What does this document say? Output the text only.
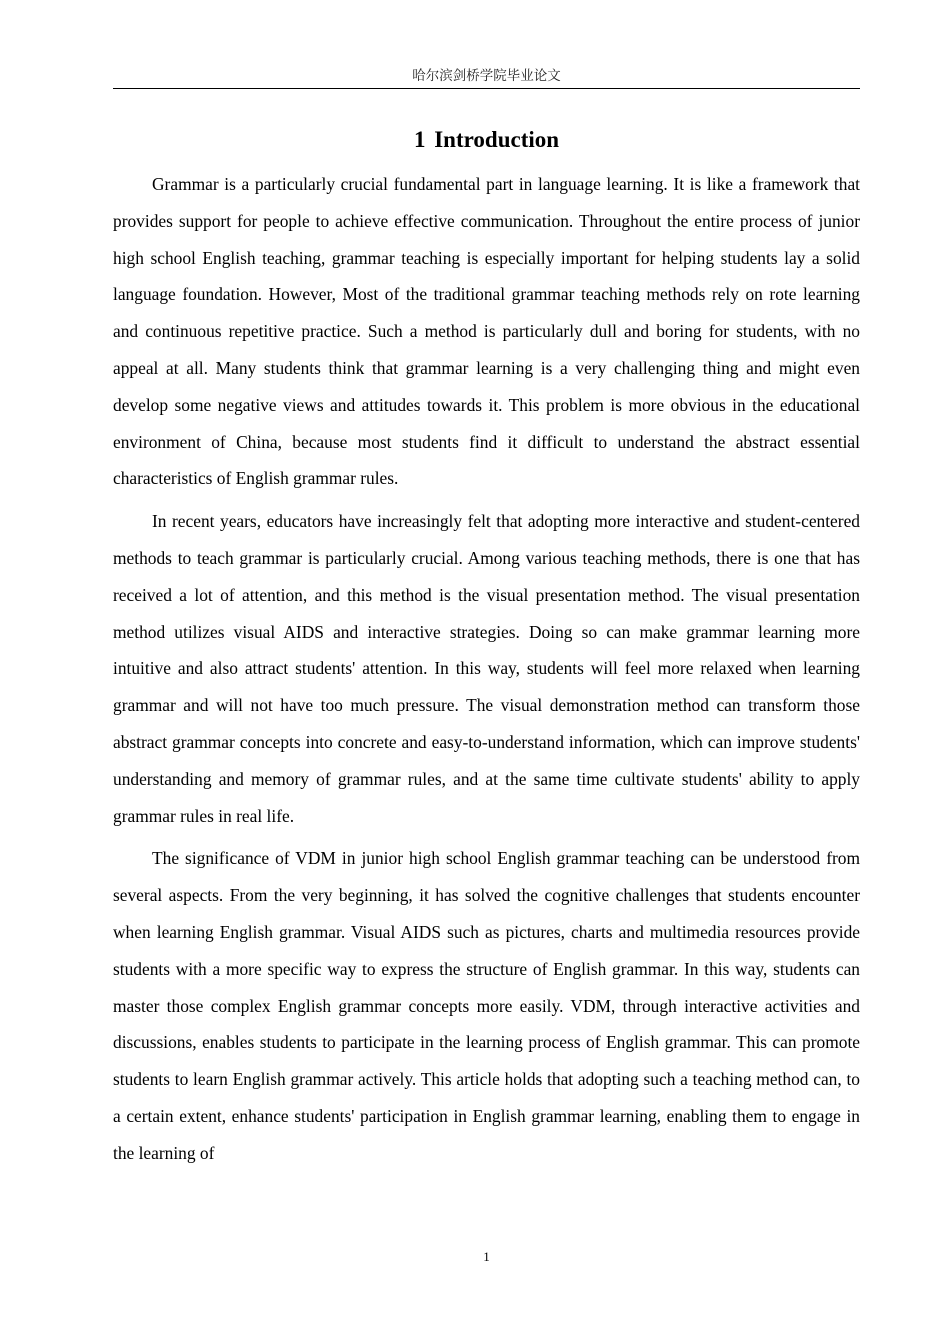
哈尔滨剑桥学院毕业论文
1 Introduction

Grammar is a particularly crucial fundamental part in language learning. It is like a framework that provides support for people to achieve effective communication. Throughout the entire process of junior high school English teaching, grammar teaching is especially important for helping students lay a solid language foundation. However, Most of the traditional grammar teaching methods rely on rote learning and continuous repetitive practice. Such a method is particularly dull and boring for students, with no appeal at all. Many students think that grammar learning is a very challenging thing and might even develop some negative views and attitudes towards it. This problem is more obvious in the educational environment of China, because most students find it difficult to understand the abstract essential characteristics of English grammar rules.

In recent years, educators have increasingly felt that adopting more interactive and student-centered methods to teach grammar is particularly crucial. Among various teaching methods, there is one that has received a lot of attention, and this method is the visual presentation method. The visual presentation method utilizes visual AIDS and interactive strategies. Doing so can make grammar learning more intuitive and also attract students' attention. In this way, students will feel more relaxed when learning grammar and will not have too much pressure. The visual demonstration method can transform those abstract grammar concepts into concrete and easy-to-understand information, which can improve students' understanding and memory of grammar rules, and at the same time cultivate students' ability to apply grammar rules in real life.

The significance of VDM in junior high school English grammar teaching can be understood from several aspects. From the very beginning, it has solved the cognitive challenges that students encounter when learning English grammar. Visual AIDS such as pictures, charts and multimedia resources provide students with a more specific way to express the structure of English grammar. In this way, students can master those complex English grammar concepts more easily. VDM, through interactive activities and discussions, enables students to participate in the learning process of English grammar. This can promote students to learn English grammar actively. This article holds that adopting such a teaching method can, to a certain extent, enhance students' participation in English grammar learning, enabling them to engage in the learning of

1
